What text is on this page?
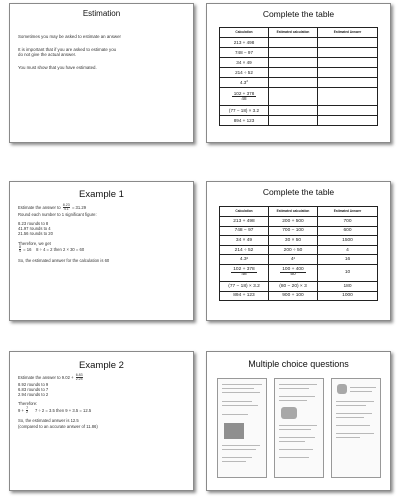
Estimation

Sometimes you may be asked to estimate an answer

It is important that if you are asked to estimate you

do not give the actual answer.

You must show that you have estimated.

Complete the table
Calculation	Estimated calculation	Estimated Answer
213 + 498		
748 − 97		
34 × 49		
214 ÷ 52		
$4.3^2$		

$\frac{102 + 378}{48}$

(77 − 18) × 3.2		
894 + 123		
Example 1

Estimate the answer to $\frac{8.23}{4.1} = 31.29$

Round each number to 1 significant figure:

8.23 rounds to 8

41.97 rounds to 4

21.56 rounds to 20

Therefore, we get

$\frac{8}{4} = 16$ 8 ÷ 4 = 2 then 2 × 30 = 60

So, the estimated answer for the calculation is 60

Complete the table
Calculation	Estimated calculation	Estimated Answer
213 + 498	200 + 500	700
748 − 97	700 − 100	600
34 × 49	30 × 50	1500
214 ÷ 52	200 ÷ 50	4
$4.3^2$	$4^2$	16

$\frac{102 + 378}{48}$	$\frac{100 + 400}{50}$	10
(77 − 18) × 3.2	(80 − 20) × 3	180
894 + 123	900 + 100	1000
Example 2

Estimate the answer to $9.02 + \frac{6.83}{2.24}$

8.92 rounds to 9

6.83 rounds to 7

2.94 rounds to 2

Therefore:

$9 + \frac{7}{2} 7 \div 2 = 3.5$ then 9 + 3.5 = 12.5

So, the estimated answer is 12.5

(compared to an accurate answer of 11.86)

Multiple choice questions
